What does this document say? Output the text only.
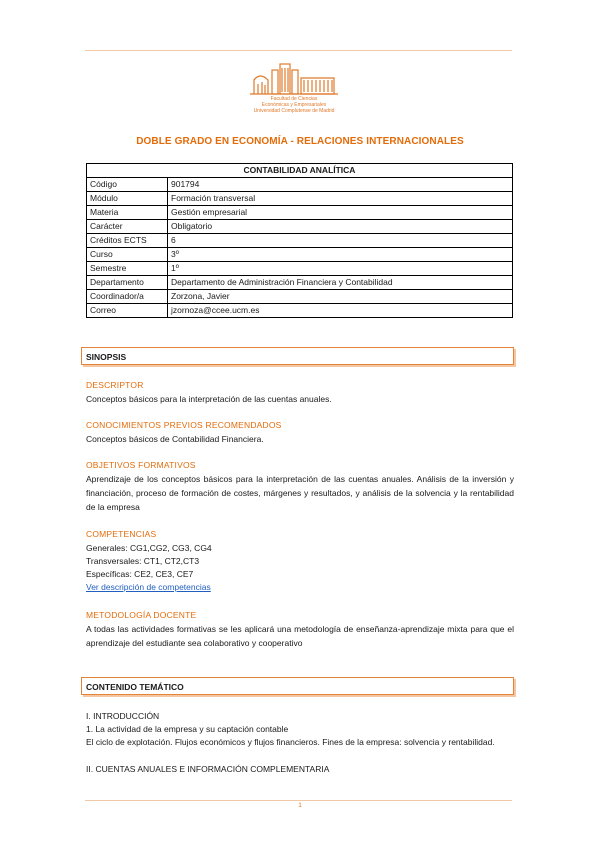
Facultad de Ciencias
Económicas y Empresariales
Universidad Complutense de Madrid
DOBLE GRADO EN ECONOMÍA - RELACIONES INTERNACIONALES
CONTABILIDAD ANALÍTICA	
Código	901794
Módulo	Formación transversal
Materia	Gestión empresarial
Carácter	Obligatorio
Créditos ECTS	6
Curso	3º
Semestre	1º
Departamento	Departamento de Administración Financiera y Contabilidad
Coordinador/a	Zorzona, Javier
Correo	jzornoza@ccee.ucm.es
SINOPSIS
DESCRIPTOR
Conceptos básicos para la interpretación de las cuentas anuales.
CONOCIMIENTOS PREVIOS RECOMENDADOS
Conceptos básicos de Contabilidad Financiera.
OBJETIVOS FORMATIVOS
Aprendizaje de los conceptos básicos para la interpretación de las cuentas anuales. Análisis de la inversión y financiación, proceso de formación de costes, márgenes y resultados, y análisis de la solvencia y la rentabilidad de la empresa
COMPETENCIAS
Generales: CG1,CG2, CG3, CG4
Transversales: CT1, CT2,CT3
Específicas: CE2, CE3, CE7
Ver descripción de competencias
METODOLOGÍA DOCENTE
A todas las actividades formativas se les aplicará una metodología de enseñanza-aprendizaje mixta para que el aprendizaje del estudiante sea colaborativo y cooperativo
CONTENIDO TEMÁTICO
I. INTRODUCCIÓN
1. La actividad de la empresa y su captación contable
El ciclo de explotación. Flujos económicos y flujos financieros. Fines de la empresa: solvencia y rentabilidad.
II. CUENTAS ANUALES E INFORMACIÓN COMPLEMENTARIA
1
